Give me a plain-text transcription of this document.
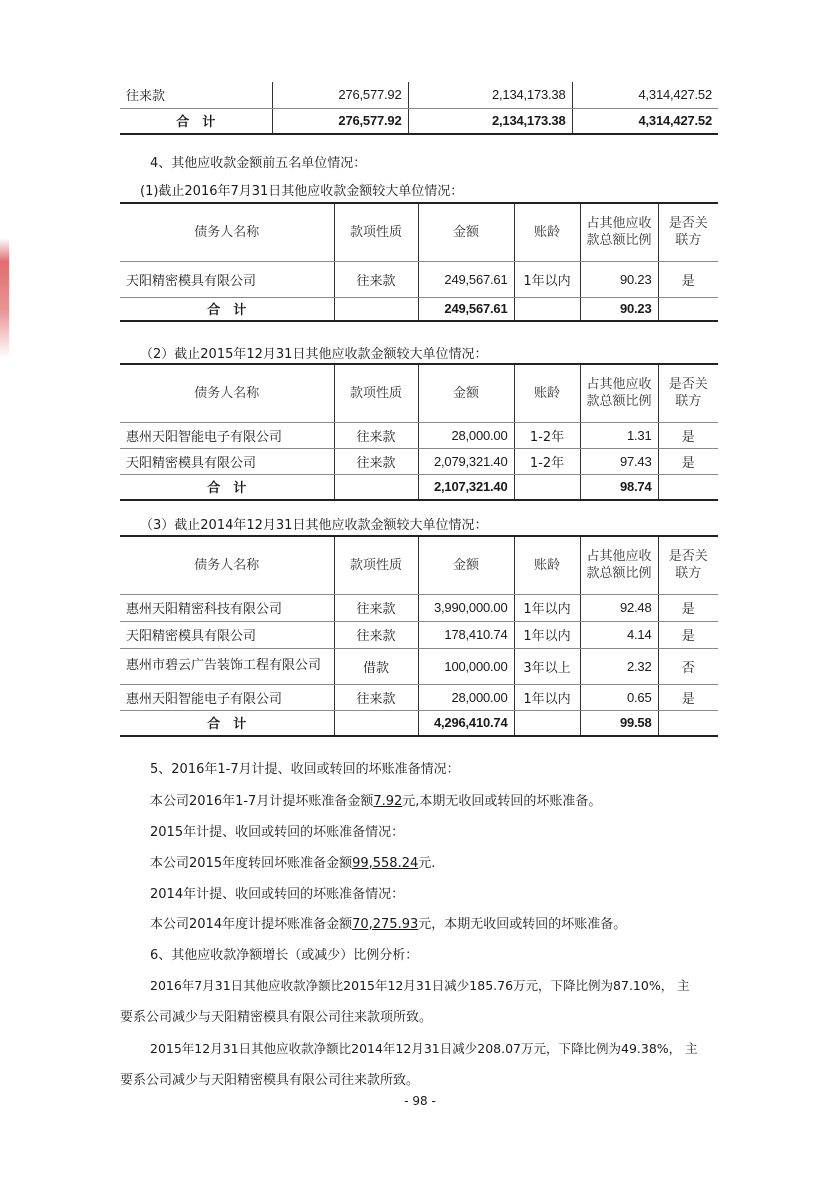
往来款	276,577.92	2,134,173.38	4,314,427.52
合　计	276,577.92	2,134,173.38	4,314,427.52
4、其他应收款金额前五名单位情况：
(1)截止2016年7月31日其他应收款金额较大单位情况：
债务人名称	款项性质	金额	账龄	占其他应收款总额比例	是否关联方
天阳精密模具有限公司	往来款	249,567.61	1年以内	90.23	是
合　计		249,567.61		90.23	
（2）截止2015年12月31日其他应收款金额较大单位情况：
债务人名称	款项性质	金额	账龄	占其他应收款总额比例	是否关联方
惠州天阳智能电子有限公司	往来款	28,000.00	1-2年	1.31	是
天阳精密模具有限公司	往来款	2,079,321.40	1-2年	97.43	是
合　计		2,107,321.40		98.74	
（3）截止2014年12月31日其他应收款金额较大单位情况：
债务人名称	款项性质	金额	账龄	占其他应收款总额比例	是否关联方
惠州天阳精密科技有限公司	往来款	3,990,000.00	1年以内	92.48	是
天阳精密模具有限公司	往来款	178,410.74	1年以内	4.14	是
惠州市碧云广告装饰工程有限公司	借款	100,000.00	3年以上	2.32	否
惠州天阳智能电子有限公司	往来款	28,000.00	1年以内	0.65	是
合　计		4,296,410.74		99.58	
5、2016年1-7月计提、收回或转回的坏账准备情况：
本公司2016年1-7月计提坏账准备金额7.92元,本期无收回或转回的坏账准备。
2015年计提、收回或转回的坏账准备情况：
本公司2015年度转回坏账准备金额99,558.24元.
2014年计提、收回或转回的坏账准备情况：
本公司2014年度计提坏账准备金额70,275.93元，本期无收回或转回的坏账准备。
6、其他应收款净额增长（或减少）比例分析：
2016年7月31日其他应收款净额比2015年12月31日减少185.76万元，下降比例为87.10%， 主
要系公司减少与天阳精密模具有限公司往来款项所致。
2015年12月31日其他应收款净额比2014年12月31日减少208.07万元，下降比例为49.38%， 主
要系公司减少与天阳精密模具有限公司往来款所致。
- 98 -
